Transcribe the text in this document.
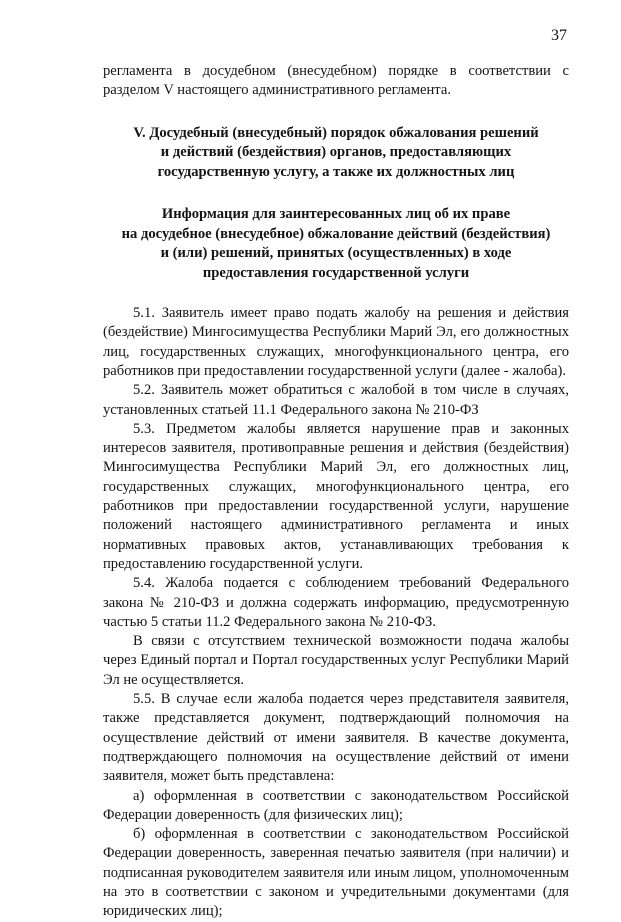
37

регламента в досудебном (внесудебном) порядке в соответствии с разделом V настоящего административного регламента.

V. Досудебный (внесудебный) порядок обжалования решений
и действий (бездействия) органов, предоставляющих
государственную услугу, а также их должностных лиц
Информация для заинтересованных лиц об их праве
на досудебное (внесудебное) обжалование действий (бездействия)
и (или) решений, принятых (осуществленных) в ходе
предоставления государственной услуги

5.1. Заявитель имеет право подать жалобу на решения и действия (бездействие) Мингосимущества Республики Марий Эл, его должностных лиц, государственных служащих, многофункционального центра, его работников при предоставлении государственной услуги (далее - жалоба).

5.2. Заявитель может обратиться с жалобой в том числе в случаях, установленных статьей 11.1 Федерального закона № 210-ФЗ

5.3. Предметом жалобы является нарушение прав и законных интересов заявителя, противоправные решения и действия (бездействия) Мингосимущества Республики Марий Эл, его должностных лиц, государственных служащих, многофункционального центра, его работников при предоставлении государственной услуги, нарушение положений настоящего административного регламента и иных нормативных правовых актов, устанавливающих требования к предоставлению государственной услуги.

5.4. Жалоба подается с соблюдением требований Федерального закона № 210-ФЗ и должна содержать информацию, предусмотренную частью 5 статьи 11.2 Федерального закона № 210-ФЗ.

В связи с отсутствием технической возможности подача жалобы через Единый портал и Портал государственных услуг Республики Марий Эл не осуществляется.

5.5. В случае если жалоба подается через представителя заявителя, также представляется документ, подтверждающий полномочия на осуществление действий от имени заявителя. В качестве документа, подтверждающего полномочия на осуществление действий от имени заявителя, может быть представлена:

а) оформленная в соответствии с законодательством Российской Федерации доверенность (для физических лиц);

б) оформленная в соответствии с законодательством Российской Федерации доверенность, заверенная печатью заявителя (при наличии) и подписанная руководителем заявителя или иным лицом, уполномоченным на это в соответствии с законом и учредительными документами (для юридических лиц);
